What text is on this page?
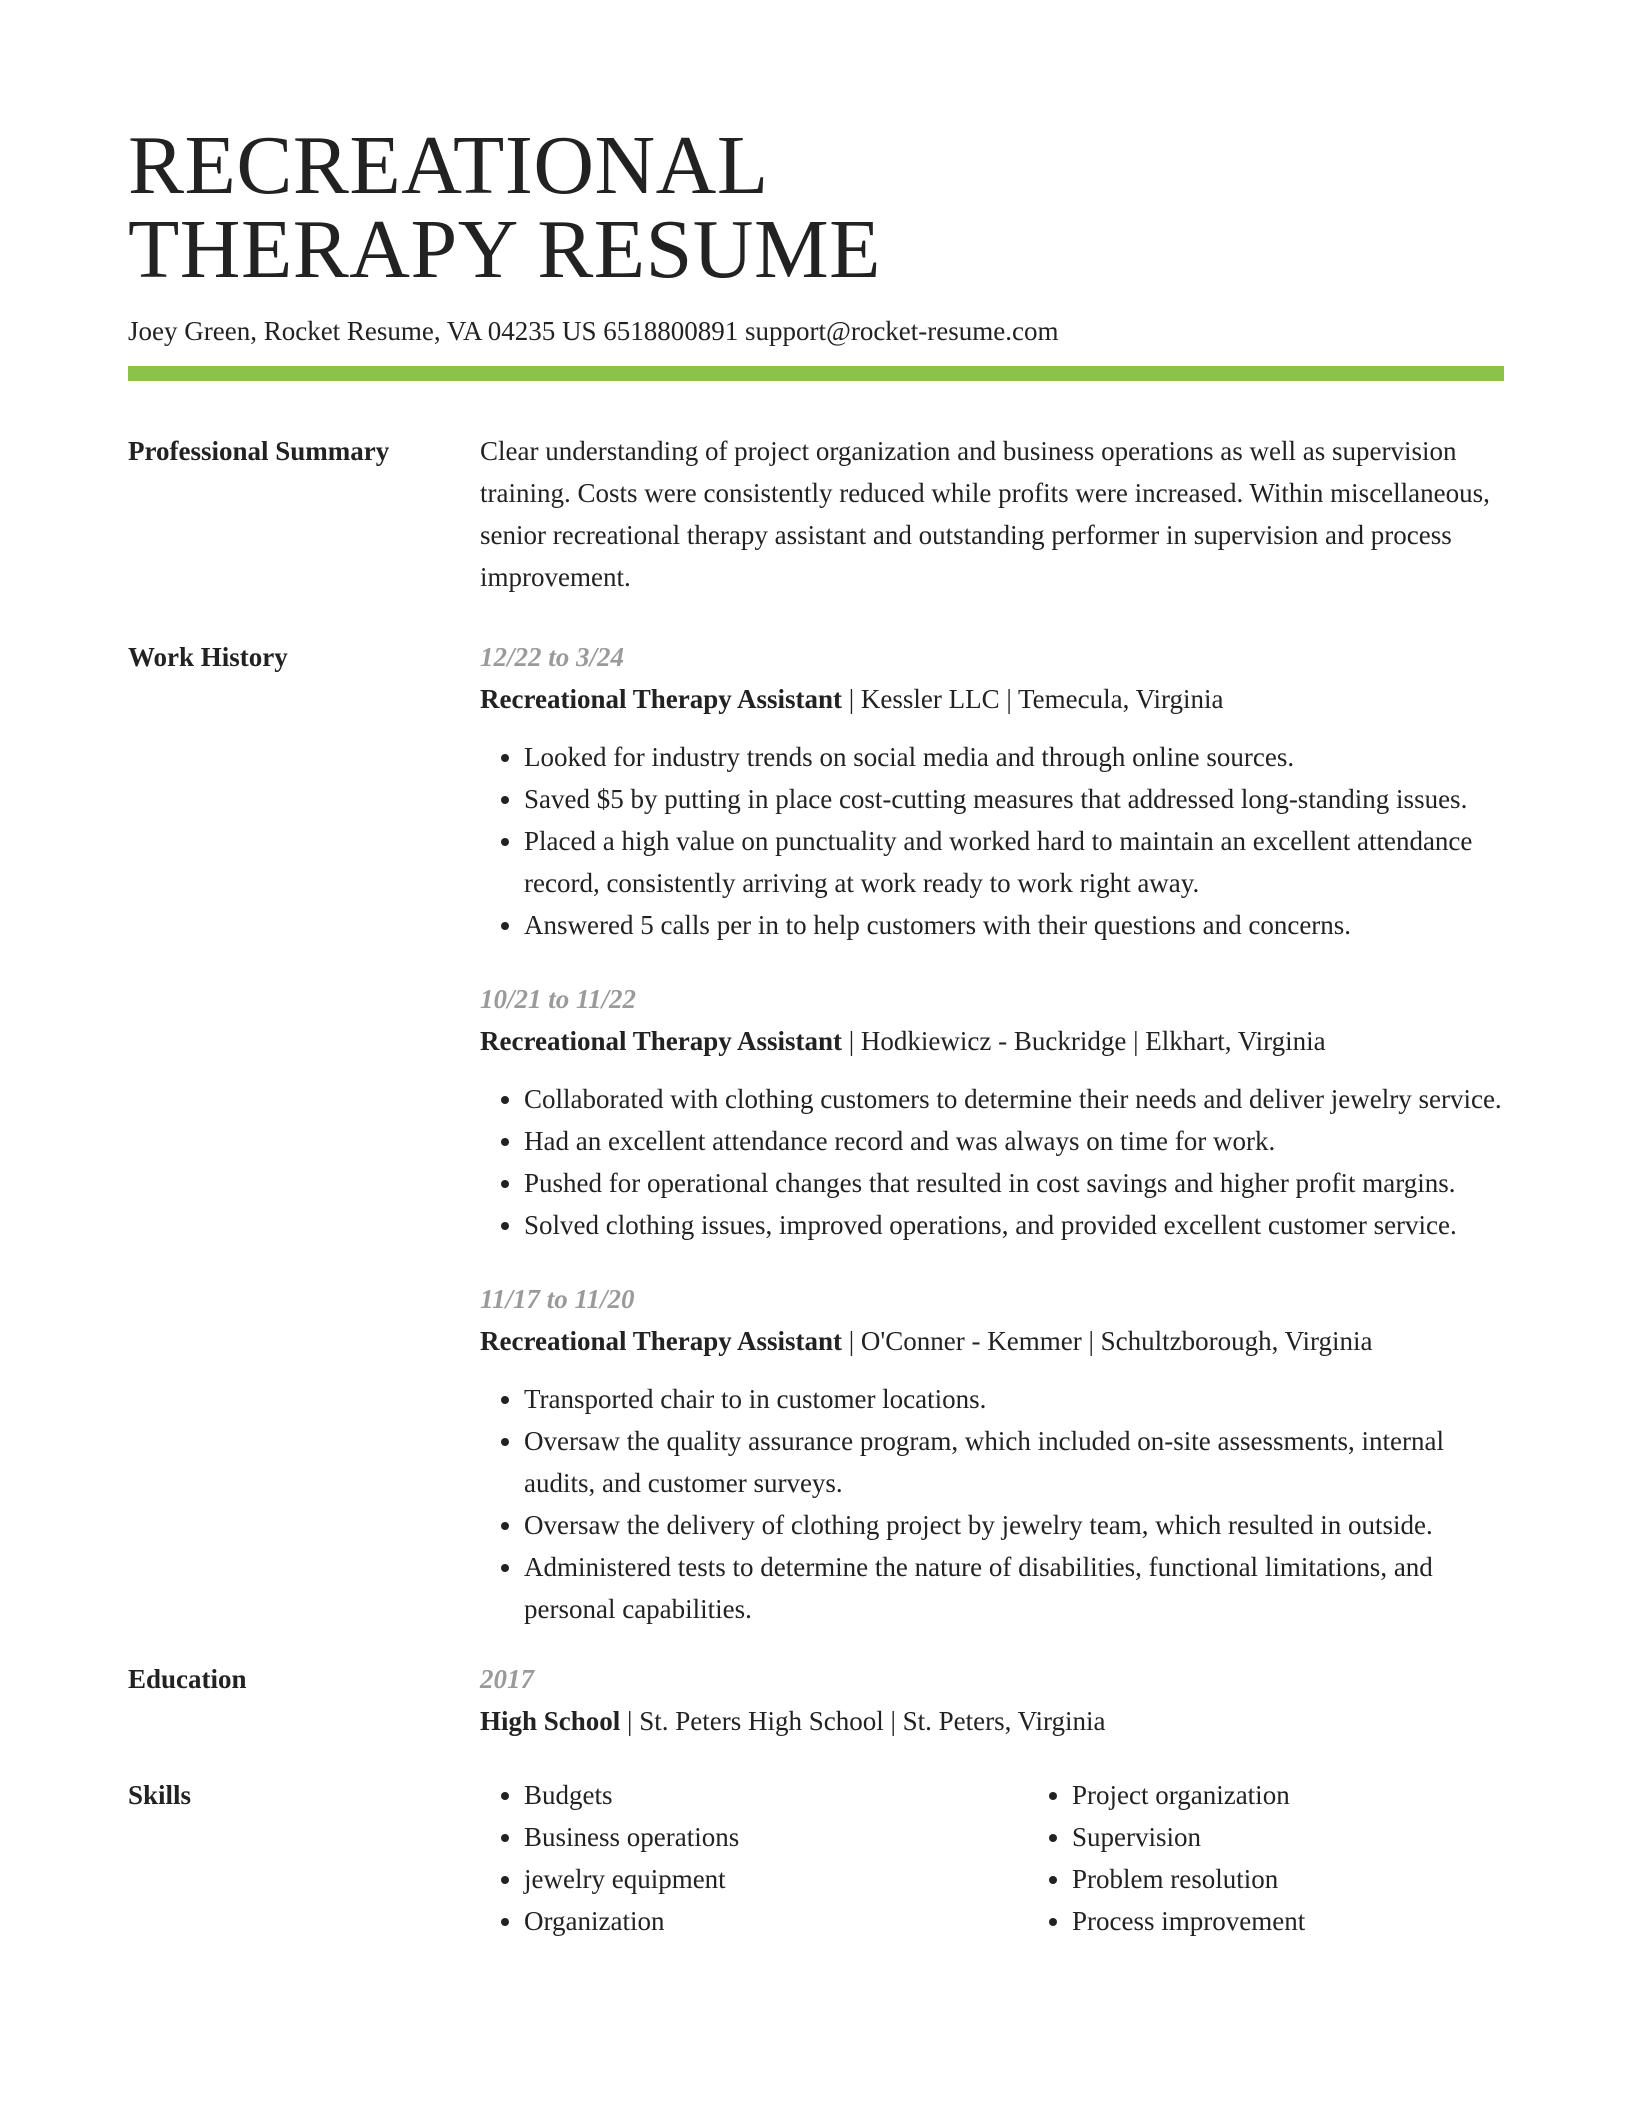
RECREATIONAL
THERAPY RESUME
Joey Green, Rocket Resume, VA 04235 US 6518800891 support@rocket-resume.com
Professional Summary	Clear understanding of project organization and business operations as well as supervision training. Costs were consistently reduced while profits were increased. Within miscellaneous, senior recreational therapy assistant and outstanding performer in supervision and process improvement.
Work History	12/22 to 3/24
Recreational Therapy Assistant | Kessler LLC | Temecula, Virginia
• Looked for industry trends on social media and through online sources.
• Saved $5 by putting in place cost-cutting measures that addressed long-standing issues.
• Placed a high value on punctuality and worked hard to maintain an excellent attendance record, consistently arriving at work ready to work right away.
• Answered 5 calls per in to help customers with their questions and concerns.
10/21 to 11/22
Recreational Therapy Assistant | Hodkiewicz - Buckridge | Elkhart, Virginia
• Collaborated with clothing customers to determine their needs and deliver jewelry service.
• Had an excellent attendance record and was always on time for work.
• Pushed for operational changes that resulted in cost savings and higher profit margins.
• Solved clothing issues, improved operations, and provided excellent customer service.
11/17 to 11/20
Recreational Therapy Assistant | O'Conner - Kemmer | Schultzborough, Virginia
• Transported chair to in customer locations.
• Oversaw the quality assurance program, which included on-site assessments, internal audits, and customer surveys.
• Oversaw the delivery of clothing project by jewelry team, which resulted in outside.
• Administered tests to determine the nature of disabilities, functional limitations, and personal capabilities.
Education	2017
High School | St. Peters High School | St. Peters, Virginia
Skills
•	Budgets
• Business operations
• jewelry equipment
• Organization
• Project organization
• Supervision
• Problem resolution
• Process improvement
